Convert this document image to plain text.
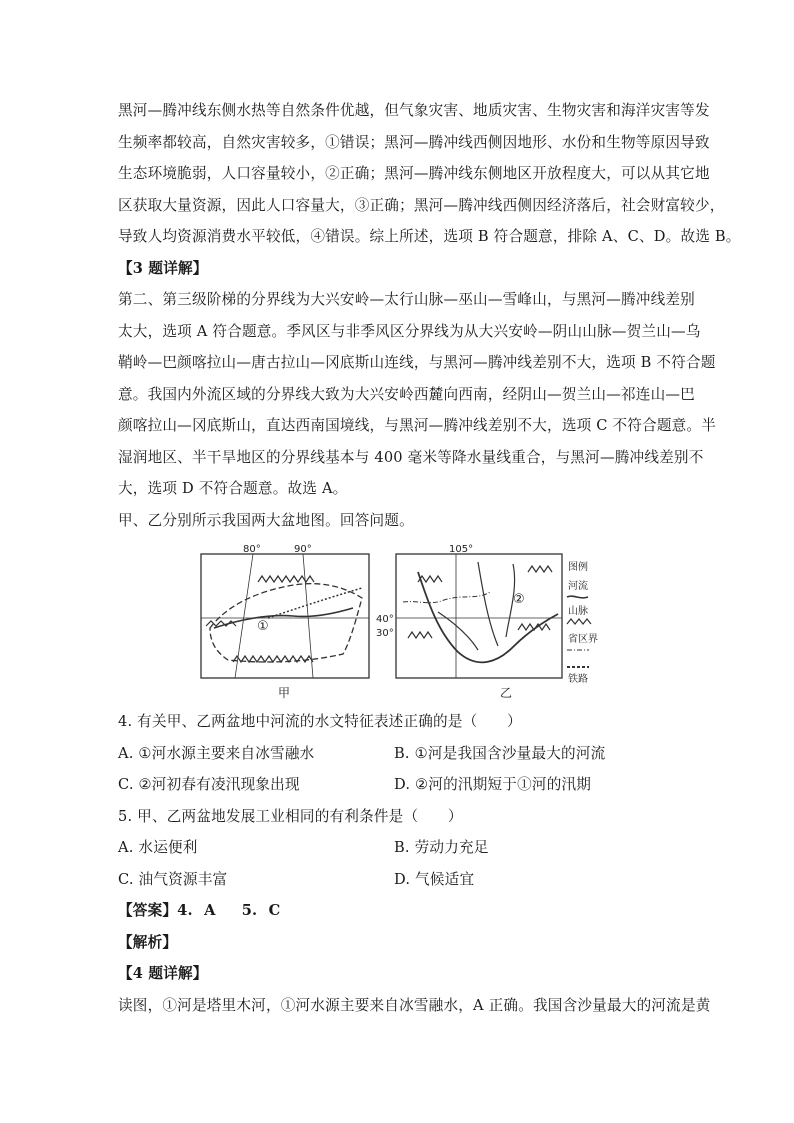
黑河—腾冲线东侧水热等自然条件优越，但气象灾害、地质灾害、生物灾害和海洋灾害等发

生频率都较高，自然灾害较多，①错误；黑河—腾冲线西侧因地形、水份和生物等原因导致

生态环境脆弱，人口容量较小，②正确；黑河—腾冲线东侧地区开放程度大，可以从其它地

区获取大量资源，因此人口容量大，③正确；黑河—腾冲线西侧因经济落后，社会财富较少，

导致人均资源消费水平较低，④错误。综上所述，选项 B 符合题意，排除 A、C、D。故选 B。

【3 题详解】

第二、第三级阶梯的分界线为大兴安岭—太行山脉—巫山—雪峰山，与黑河—腾冲线差别

太大，选项 A 符合题意。季风区与非季风区分界线为从大兴安岭—阴山山脉—贺兰山—乌

鞘岭—巴颜喀拉山—唐古拉山—冈底斯山连线，与黑河—腾冲线差别不大，选项 B 不符合题

意。我国内外流区域的分界线大致为大兴安岭西麓向西南，经阴山—贺兰山—祁连山—巴

颜喀拉山—冈底斯山，直达西南国境线，与黑河—腾冲线差别不大，选项 C 不符合题意。半

湿润地区、半干旱地区的分界线基本与 400 毫米等降水量线重合，与黑河—腾冲线差别不

大，选项 D 不符合题意。故选 A。

甲、乙分别所示我国两大盆地图。回答问题。

①
80°	90°
40°
30°
甲
②
105°
乙
图例
河流
山脉
省区界
铁路

4. 有关甲、乙两盆地中河流的水文特征表述正确的是（　　）

A. ①河水源主要来自冰雪融水	B. ①河是我国含沙量最大的河流
C. ②河初春有凌汛现象出现	D. ②河的汛期短于①河的汛期

5. 甲、乙两盆地发展工业相同的有利条件是（　　）

A. 水运便利	B. 劳动力充足
C. 油气资源丰富	D. 气候适宜

【答案】4. A　 5. C

【解析】

【4 题详解】

读图，①河是塔里木河，①河水源主要来自冰雪融水，A 正确。我国含沙量最大的河流是黄
